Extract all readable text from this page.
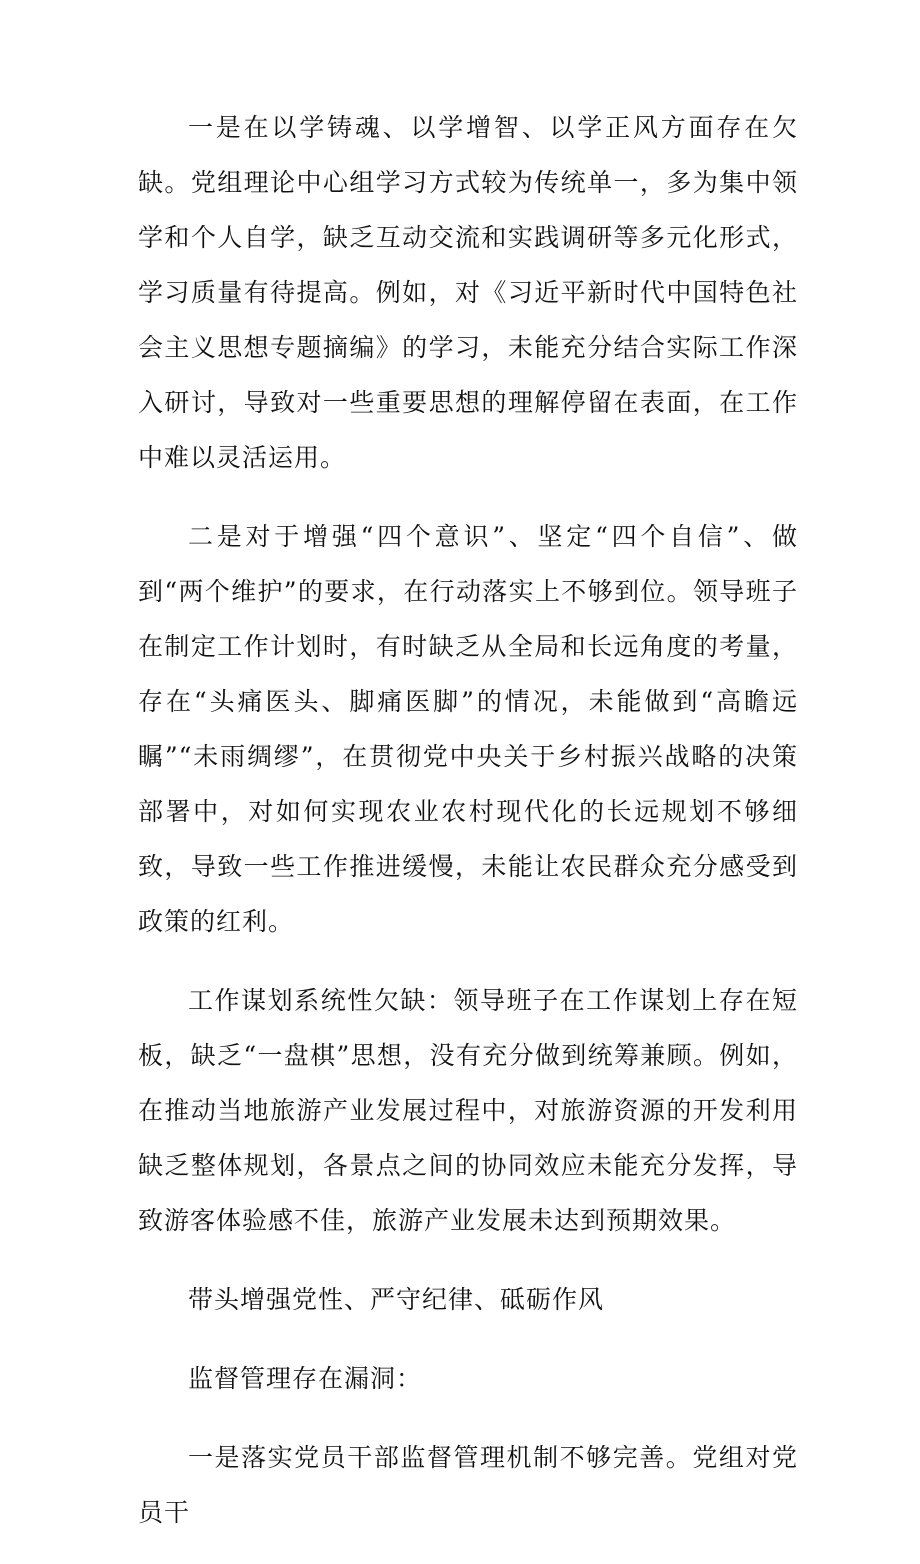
一是在以学铸魂、以学增智、以学正风方面存在欠缺。党组理论中心组学习方式较为传统单一，多为集中领学和个人自学，缺乏互动交流和实践调研等多元化形式，学习质量有待提高。例如，对《习近平新时代中国特色社会主义思想专题摘编》的学习，未能充分结合实际工作深入研讨，导致对一些重要思想的理解停留在表面，在工作中难以灵活运用。

二是对于增强“四个意识”、坚定“四个自信”、做到“两个维护”的要求，在行动落实上不够到位。领导班子在制定工作计划时，有时缺乏从全局和长远角度的考量，存在“头痛医头、脚痛医脚”的情况，未能做到“高瞻远瞩”“未雨绸缪”，在贯彻党中央关于乡村振兴战略的决策部署中，对如何实现农业农村现代化的长远规划不够细致，导致一些工作推进缓慢，未能让农民群众充分感受到政策的红利。

工作谋划系统性欠缺：领导班子在工作谋划上存在短板，缺乏“一盘棋”思想，没有充分做到统筹兼顾。例如，在推动当地旅游产业发展过程中，对旅游资源的开发利用缺乏整体规划，各景点之间的协同效应未能充分发挥，导致游客体验感不佳，旅游产业发展未达到预期效果。

带头增强党性、严守纪律、砥砺作风

监督管理存在漏洞：

一是落实党员干部监督管理机制不够完善。党组对党员干
